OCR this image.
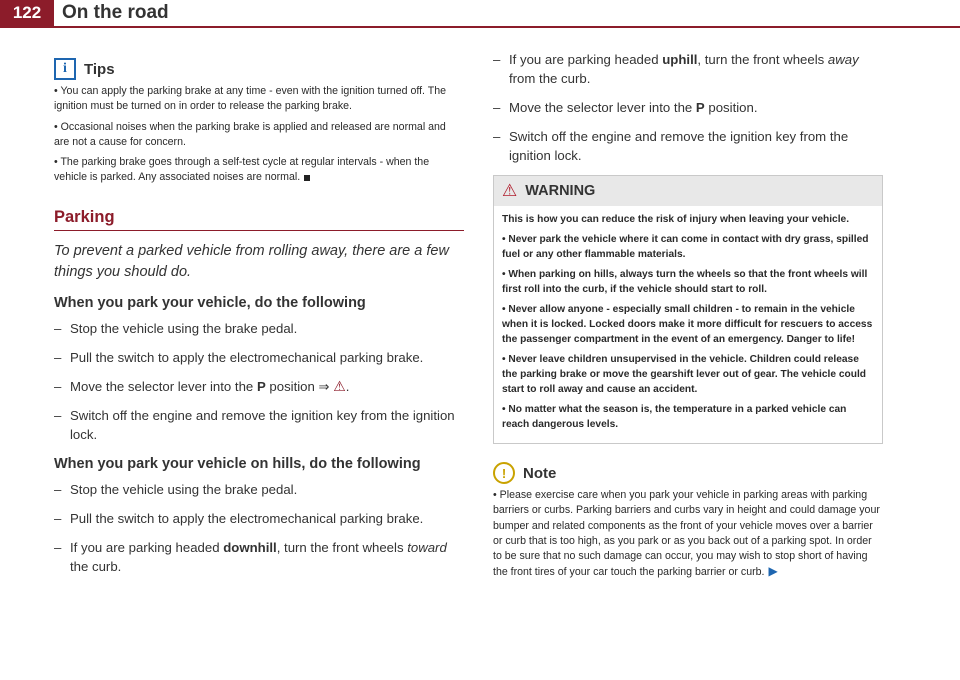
122	On the road
i	Tips

• You can apply the parking brake at any time - even with the ignition turned off. The ignition must be turned on in order to release the parking brake.

• Occasional noises when the parking brake is applied and released are normal and are not a cause for concern.

• The parking brake goes through a self-test cycle at regular intervals - when the vehicle is parked. Any associated noises are normal.

Parking
To prevent a parked vehicle from rolling away, there are a few things you should do.
When you park your vehicle, do the following
– Stop the vehicle using the brake pedal.
– Pull the switch to apply the electromechanical parking brake.
– Move the selector lever into the P position ⇒ ⚠.
– Switch off the engine and remove the ignition key from the ignition lock.
When you park your vehicle on hills, do the following
– Stop the vehicle using the brake pedal.
– Pull the switch to apply the electromechanical parking brake.
– If you are parking headed downhill, turn the front wheels toward the curb.
– If you are parking headed uphill, turn the front wheels away from the curb.
– Move the selector lever into the P position.
– Switch off the engine and remove the ignition key from the ignition lock.
⚠ WARNING

This is how you can reduce the risk of injury when leaving your vehicle.

• Never park the vehicle where it can come in contact with dry grass, spilled fuel or any other flammable materials.

• When parking on hills, always turn the wheels so that the front wheels will first roll into the curb, if the vehicle should start to roll.

• Never allow anyone - especially small children - to remain in the vehicle when it is locked. Locked doors make it more difficult for rescuers to access the passenger compartment in the event of an emergency. Danger to life!

• Never leave children unsupervised in the vehicle. Children could release the parking brake or move the gearshift lever out of gear. The vehicle could start to roll away and cause an accident.

• No matter what the season is, the temperature in a parked vehicle can reach dangerous levels.

!	Note
• Please exercise care when you park your vehicle in parking areas with parking barriers or curbs. Parking barriers and curbs vary in height and could damage your bumper and related components as the front of your vehicle moves over a barrier or curb that is too high, as you park or as you back out of a parking spot. In order to be sure that no such damage can occur, you may wish to stop short of having the front tires of your car touch the parking barrier or curb. ▶
